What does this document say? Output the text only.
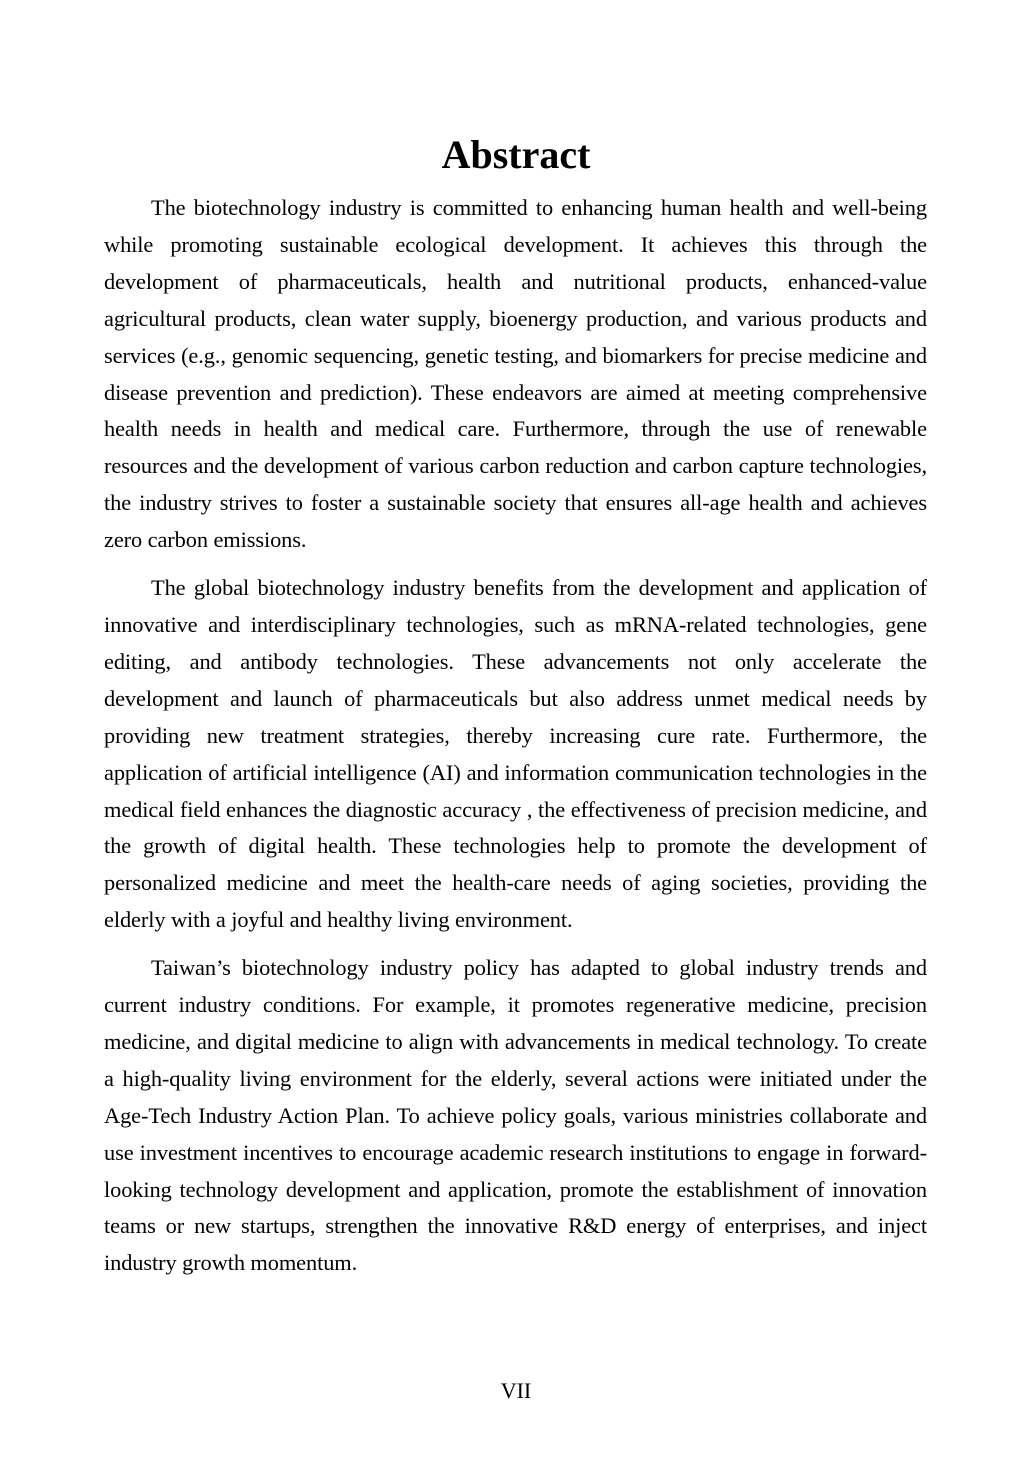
Abstract

The biotechnology industry is committed to enhancing human health and well-being while promoting sustainable ecological development. It achieves this through the development of pharmaceuticals, health and nutritional products, enhanced-value agricultural products, clean water supply, bioenergy production, and various products and services (e.g., genomic sequencing, genetic testing, and biomarkers for precise medicine and disease prevention and prediction). These endeavors are aimed at meeting comprehensive health needs in health and medical care. Furthermore, through the use of renewable resources and the development of various carbon reduction and carbon capture technologies, the industry strives to foster a sustainable society that ensures all-age health and achieves zero carbon emissions.

The global biotechnology industry benefits from the development and application of innovative and interdisciplinary technologies, such as mRNA-related technologies, gene editing, and antibody technologies. These advancements not only accelerate the development and launch of pharmaceuticals but also address unmet medical needs by providing new treatment strategies, thereby increasing cure rate. Furthermore, the application of artificial intelligence (AI) and information communication technologies in the medical field enhances the diagnostic accuracy , the effectiveness of precision medicine, and the growth of digital health. These technologies help to promote the development of personalized medicine and meet the health-care needs of aging societies, providing the elderly with a joyful and healthy living environment.

Taiwan’s biotechnology industry policy has adapted to global industry trends and current industry conditions. For example, it promotes regenerative medicine, precision medicine, and digital medicine to align with advancements in medical technology. To create a high-quality living environment for the elderly, several actions were initiated under the Age-Tech Industry Action Plan. To achieve policy goals, various ministries collaborate and use investment incentives to encourage academic research institutions to engage in forward-looking technology development and application, promote the establishment of innovation teams or new startups, strengthen the innovative R&D energy of enterprises, and inject industry growth momentum.

VII
